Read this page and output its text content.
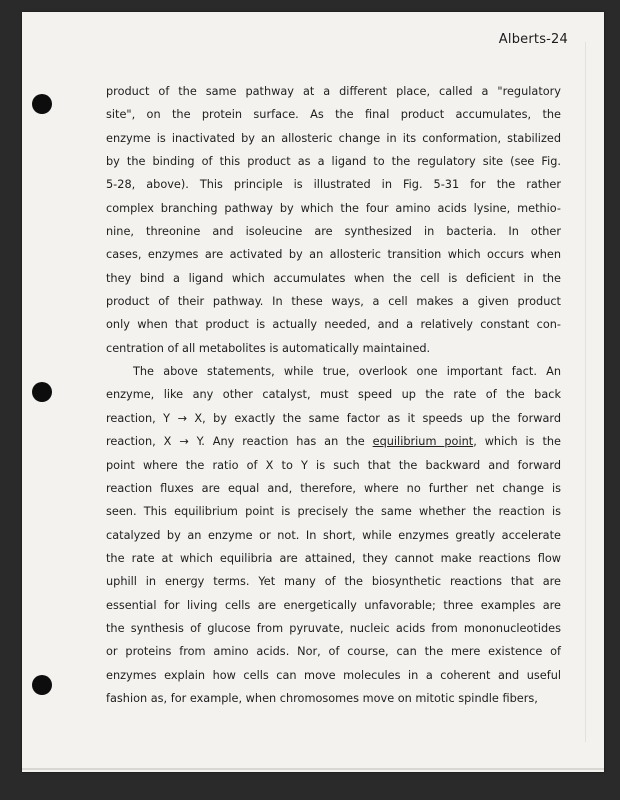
Alberts-24
product of the same pathway at a different place, called a "regulatory
site", on the protein surface. As the final product accumulates, the
enzyme is inactivated by an allosteric change in its conformation, stabilized
by the binding of this product as a ligand to the regulatory site (see Fig.
5-28, above). This principle is illustrated in Fig. 5-31 for the rather
complex branching pathway by which the four amino acids lysine, methio-
nine, threonine and isoleucine are synthesized in bacteria. In other
cases, enzymes are activated by an allosteric transition which occurs when
they bind a ligand which accumulates when the cell is deficient in the
product of their pathway. In these ways, a cell makes a given product
only when that product is actually needed, and a relatively constant con-
centration of all metabolites is automatically maintained.
The above statements, while true, overlook one important fact. An
enzyme, like any other catalyst, must speed up the rate of the back
reaction, Y → X, by exactly the same factor as it speeds up the forward
reaction, X → Y. Any reaction has an the equilibrium point, which is the
point where the ratio of X to Y is such that the backward and forward
reaction fluxes are equal and, therefore, where no further net change is
seen. This equilibrium point is precisely the same whether the reaction is
catalyzed by an enzyme or not. In short, while enzymes greatly accelerate
the rate at which equilibria are attained, they cannot make reactions flow
uphill in energy terms. Yet many of the biosynthetic reactions that are
essential for living cells are energetically unfavorable; three examples are
the synthesis of glucose from pyruvate, nucleic acids from mononucleotides
or proteins from amino acids. Nor, of course, can the mere existence of
enzymes explain how cells can move molecules in a coherent and useful
fashion as, for example, when chromosomes move on mitotic spindle fibers,
